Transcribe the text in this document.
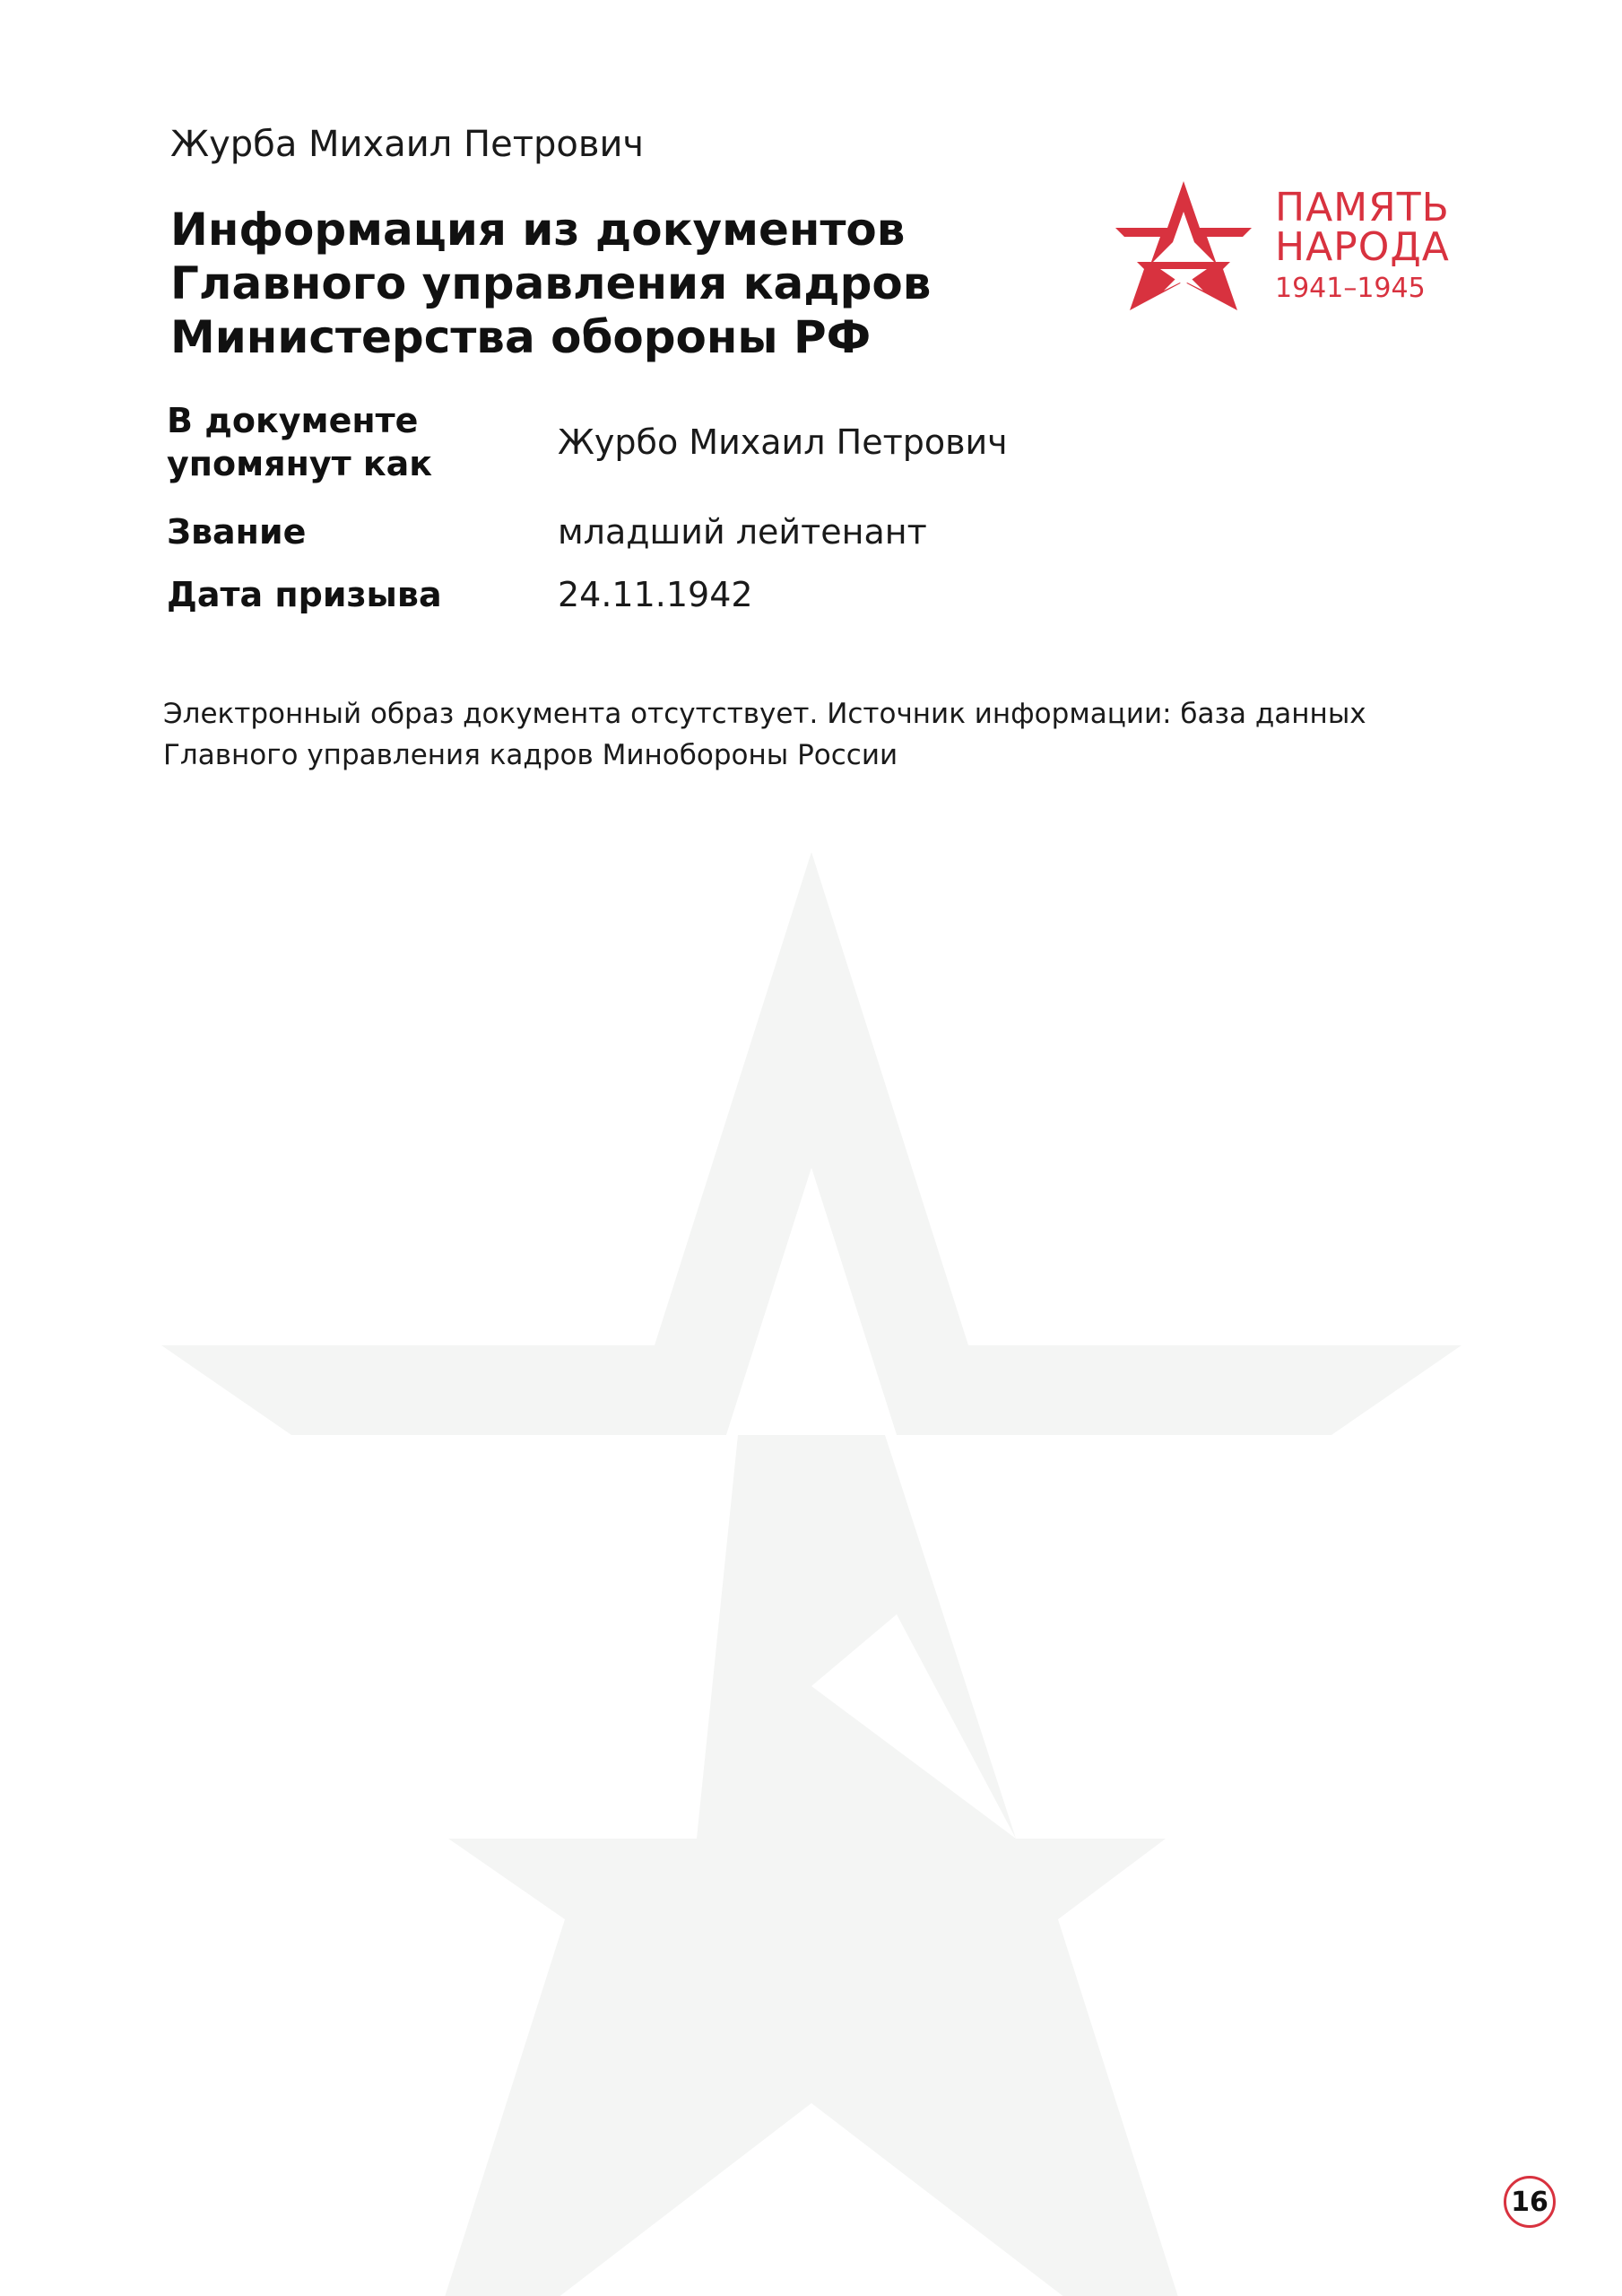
Журба Михаил Петрович
Информация из документов Главного управления кадров Министерства обороны РФ
ПАМЯТЬ
НАРОДА
1941–1945
В документе упомянут как
Журбо Михаил Петрович
Звание	младший лейтенант
Дата призыва	24.11.1942

Электронный образ документа отсутствует. Источник информации: база данных Главного управления кадров Минобороны России

16
